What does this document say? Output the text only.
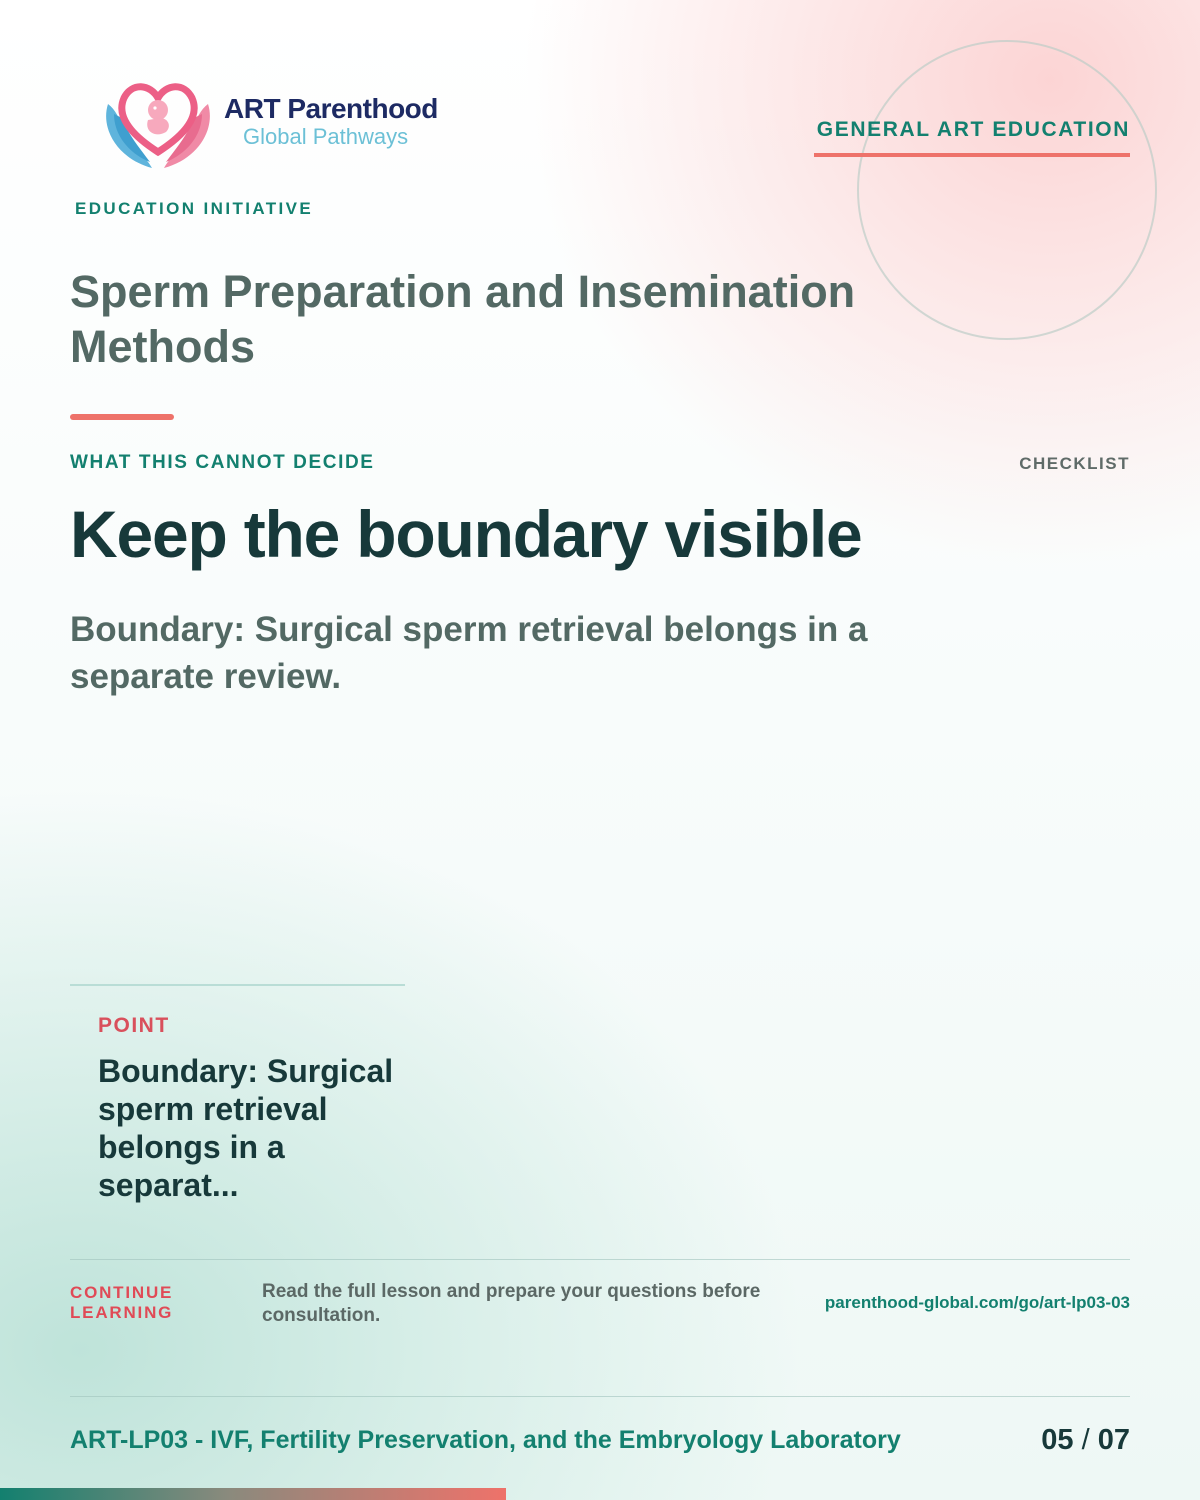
ART Parenthood
Global Pathways
EDUCATION INITIATIVE
GENERAL ART EDUCATION
Sperm Preparation and Insemination Methods
WHAT THIS CANNOT DECIDE	CHECKLIST
Keep the boundary visible

Boundary: Surgical sperm retrieval belongs in a separate review.

POINT

Boundary: Surgical sperm retrieval belongs in a separat...

CONTINUE LEARNING
Read the full lesson and prepare your questions before consultation.
parenthood-global.com/go/art-lp03-03
ART-LP03 - IVF, Fertility Preservation, and the Embryology Laboratory	05 / 07
